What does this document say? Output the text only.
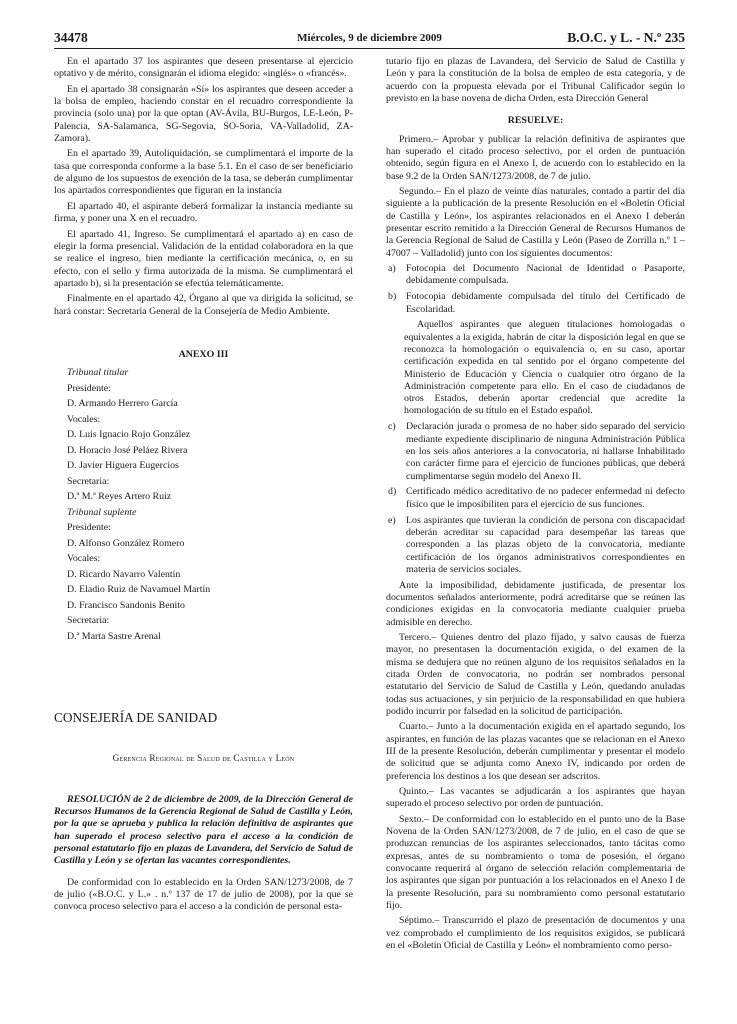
34478	Miércoles, 9 de diciembre 2009	B.O.C. y L. - N.º 235

En el apartado 37 los aspirantes que deseen presentarse al ejercicio optativo y de mérito, consignarán el idioma elegido: «inglés» o «francés».

En el apartado 38 consignarán «Sí» los aspirantes que deseen acceder a la bolsa de empleo, haciendo constar en el recuadro correspondiente la provincia (solo una) por la que optan (AV-Ávila, BU-Burgos, LE-León, P-Palencia, SA-Salamanca, SG-Segovia, SO-Soria, VA-Valladolid, ZA-Zamora).

En el apartado 39, Autoliquidación, se cumplimentará el importe de la tasa que corresponda conforme a la base 5.1. En el caso de ser beneficiario de alguno de los supuestos de exención de la tasa, se deberán cumplimentar los apartados correspondientes que figuran en la instancia

El apartado 40, el aspirante deberá formalizar la instancia mediante su firma, y poner una X en el recuadro.

El apartado 41, Ingreso. Se cumplimentará el apartado a) en caso de elegir la forma presencial. Validación de la entidad colaboradora en la que se realice el ingreso, bien mediante la certificación mecánica, o, en su efecto, con el sello y firma autorizada de la misma. Se cumplimentará el apartado b), si la presentación se efectúa telemáticamente.

Finalmente en el apartado 42, Órgano al que va dirigida la solicitud, se hará constar: Secretaría General de la Consejería de Medio Ambiente.

ANEXO III

Tribunal titular
Presidente:
D. Armando Herrero García
Vocales:
D. Luis Ignacio Rojo González
D. Horacio José Peláez Rivera
D. Javier Higuera Eugercios
Secretaria:
D.ª M.ª Reyes Artero Ruiz
Tribunal suplente
Presidente:
D. Alfonso González Romero
Vocales:
D. Ricardo Navarro Valentín
D. Eladio Ruiz de Navamuel Martín
D. Francisco Sandonis Benito
Secretaria:
D.ª Marta Sastre Arenal

CONSEJERÍA DE SANIDAD

Gerencia Regional de Salud de Castilla y León

RESOLUCIÓN de 2 de diciembre de 2009, de la Dirección General de Recursos Humanos de la Gerencia Regional de Salud de Castilla y León, por la que se aprueba y publica la relación definitiva de aspirantes que han superado el proceso selectivo para el acceso a la condición de personal estatutario fijo en plazas de Lavandera, del Servicio de Salud de Castilla y León y se ofertan las vacantes correspondientes.

De conformidad con lo establecido en la Orden SAN/1273/2008, de 7 de julio («B.O.C. y L.» . n.º 137 de 17 de julio de 2008), por la que se convoca proceso selectivo para el acceso a la condición de personal esta-

tutario fijo en plazas de Lavandera, del Servicio de Salud de Castilla y León y para la constitución de la bolsa de empleo de esta categoría, y de acuerdo con la propuesta elevada por el Tribunal Calificador según lo previsto en la base novena de dicha Orden, esta Dirección General

RESUELVE:

Primero.– Aprobar y publicar la relación definitiva de aspirantes que han superado el citado proceso selectivo, por el orden de puntuación obtenido, según figura en el Anexo I, de acuerdo con lo establecido en la base 9.2 de la Orden SAN/1273/2008, de 7 de julio.

Segundo.– En el plazo de veinte días naturales, contado a partir del día siguiente a la publicación de la presente Resolución en el «Boletín Oficial de Castilla y León», los aspirantes relacionados en el Anexo I deberán presentar escrito remitido a la Dirección General de Recursos Humanos de la Gerencia Regional de Salud de Castilla y León (Paseo de Zorrilla n.º 1 – 47007 – Valladolid) junto con los siguientes documentos:

a)	Fotocopia del Documento Nacional de Identidad o Pasaporte, debidamente compulsada.
b) Fotocopia debidamente compulsada del título del Certificado de Escolaridad.

Aquellos aspirantes que aleguen titulaciones homologadas o equivalentes a la exigida, habrán de citar la disposición legal en que se reconozca la homologación o equivalencia o, en su caso, aportar certificación expedida en tal sentido por el órgano competente del Ministerio de Educación y Ciencia o cualquier otro órgano de la Administración competente para ello. En el caso de ciudadanos de otros Estados, deberán aportar credencial que acredite la homologación de su título en el Estado español.

c)	Declaración jurada o promesa de no haber sido separado del servicio mediante expediente disciplinario de ninguna Administración Pública en los seis años anteriores a la convocatoria, ni hallarse Inhabilitado con carácter firme para el ejercicio de funciones públicas, que deberá cumplimentarse según modelo del Anexo II.
d) Certificado médico acreditativo de no padecer enfermedad ni defecto físico que le imposibiliten para el ejercicio de sus funciones.
e)	Los aspirantes que tuvieran la condición de persona con discapacidad deberán acreditar su capacidad para desempeñar las tareas que corresponden a las plazas objeto de la convocatoria, mediante certificación de los órganos administrativos correspondientes en materia de servicios sociales.

Ante la imposibilidad, debidamente justificada, de presentar los documentos señalados anteriormente, podrá acreditarse que se reúnen las condiciones exigidas en la convocatoria mediante cualquier prueba admisible en derecho.

Tercero.– Quienes dentro del plazo fijado, y salvo causas de fuerza mayor, no presentasen la documentación exigida, o del examen de la misma se dedujera que no reúnen alguno de los requisitos señalados en la citada Orden de convocatoria, no podrán ser nombrados personal estatutario del Servicio de Salud de Castilla y León, quedando anuladas todas sus actuaciones, y sin perjuicio de la responsabilidad en que hubiera podido incurrir por falsedad en la solicitud de participación.

Cuarto.– Junto a la documentación exigida en el apartado segundo, los aspirantes, en función de las plazas vacantes que se relacionan en el Anexo III de la presente Resolución, deberán cumplimentar y presentar el modelo de solicitud que se adjunta como Anexo IV, indicando por orden de preferencia los destinos a los que desean ser adscritos.

Quinto.– Las vacantes se adjudicarán a los aspirantes que hayan superado el proceso selectivo por orden de puntuación.

Sexto.– De conformidad con lo establecido en el punto uno de la Base Novena de la Orden SAN/1273/2008, de 7 de julio, en el caso de que se produzcan renuncias de los aspirantes seleccionados, tanto tácitas como expresas, antes de su nombramiento o toma de posesión, el órgano convocante requerirá al órgano de selección relación complementaria de los aspirantes que sigan por puntuación a los relacionados en el Anexo I de la presente Resolución, para su nombramiento como personal estatutario fijo.

Séptimo.– Transcurrido el plazo de presentación de documentos y una vez comprobado el cumplimiento de los requisitos exigidos, se publicará en el «Boletín Oficial de Castilla y León» el nombramiento como perso-
